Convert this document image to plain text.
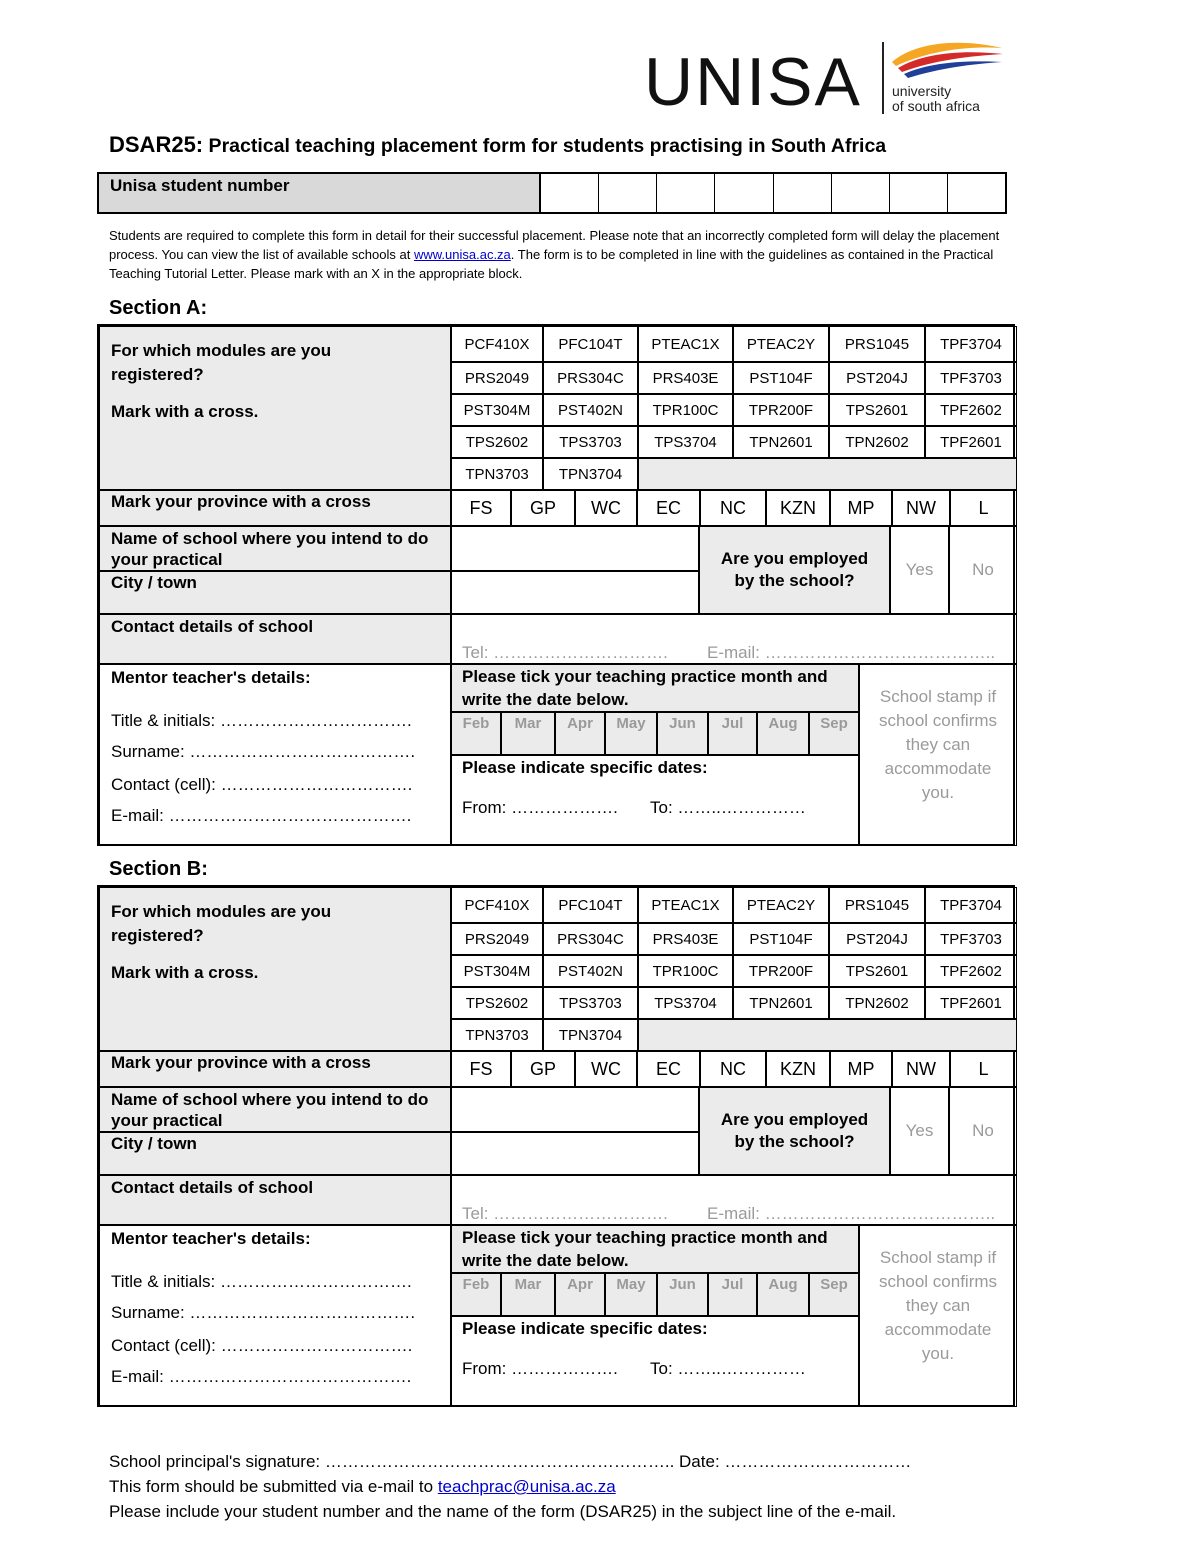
UNISA university
of south africa
DSAR25: Practical teaching placement form for students practising in South Africa
Unisa student number
Students are required to complete this form in detail for their successful placement. Please note that an incorrectly completed form will delay the placement process. You can view the list of available schools at www.unisa.ac.za. The form is to be completed in line with the guidelines as contained in the Practical Teaching Tutorial Letter. Please mark with an X in the appropriate block.
Section A:
For which modules are you registered?
Mark with a cross.
PCF410X	PFC104T	PTEAC1X	PTEAC2Y	PRS1045	TPF3704
PRS2049	PRS304C	PRS403E	PST104F	PST204J	TPF3703
PST304M	PST402N	TPR100C	TPR200F	TPS2601	TPF2602
TPS2602	TPS3703	TPS3704	TPN2601	TPN2602	TPF2601
TPN3703	TPN3704
Mark your province with a cross	FS	GP	WC	EC	NC	KZN	MP	NW	L
Name of school where you intend to do your practical
City / town
Are you employed by the school?
Yes	No
Contact details of school
Tel: …………………………. E-mail: …………………………………..
Mentor teacher's details:
Title & initials: …………………………….
Surname: ………………………………….
Contact (cell): …………………………….
E-mail: …………………………………….
Please tick your teaching practice month and write the date below.
Feb	Mar	Apr	May	Jun	Jul	Aug	Sep
Please indicate specific dates:
From: ………………. To: ……..……………
School stamp if school confirms they can accommodate you.
Section B:
For which modules are you registered?
Mark with a cross.
PCF410X	PFC104T	PTEAC1X	PTEAC2Y	PRS1045	TPF3704
PRS2049	PRS304C	PRS403E	PST104F	PST204J	TPF3703
PST304M	PST402N	TPR100C	TPR200F	TPS2601	TPF2602
TPS2602	TPS3703	TPS3704	TPN2601	TPN2602	TPF2601
TPN3703	TPN3704
Mark your province with a cross	FS	GP	WC	EC	NC	KZN	MP	NW	L
Name of school where you intend to do your practical
City / town
Are you employed by the school?
Yes	No
Contact details of school
Tel: …………………………. E-mail: …………………………………..
Mentor teacher's details:
Title & initials: …………………………….
Surname: ………………………………….
Contact (cell): …………………………….
E-mail: …………………………………….
Please tick your teaching practice month and write the date below.
Feb	Mar	Apr	May	Jun	Jul	Aug	Sep
Please indicate specific dates:
From: ………………. To: ……..……………
School stamp if school confirms they can accommodate you.
School principal's signature: …………………………………………………….. Date: ……………………………
This form should be submitted via e-mail to teachprac@unisa.ac.za
Please include your student number and the name of the form (DSAR25) in the subject line of the e-mail.
